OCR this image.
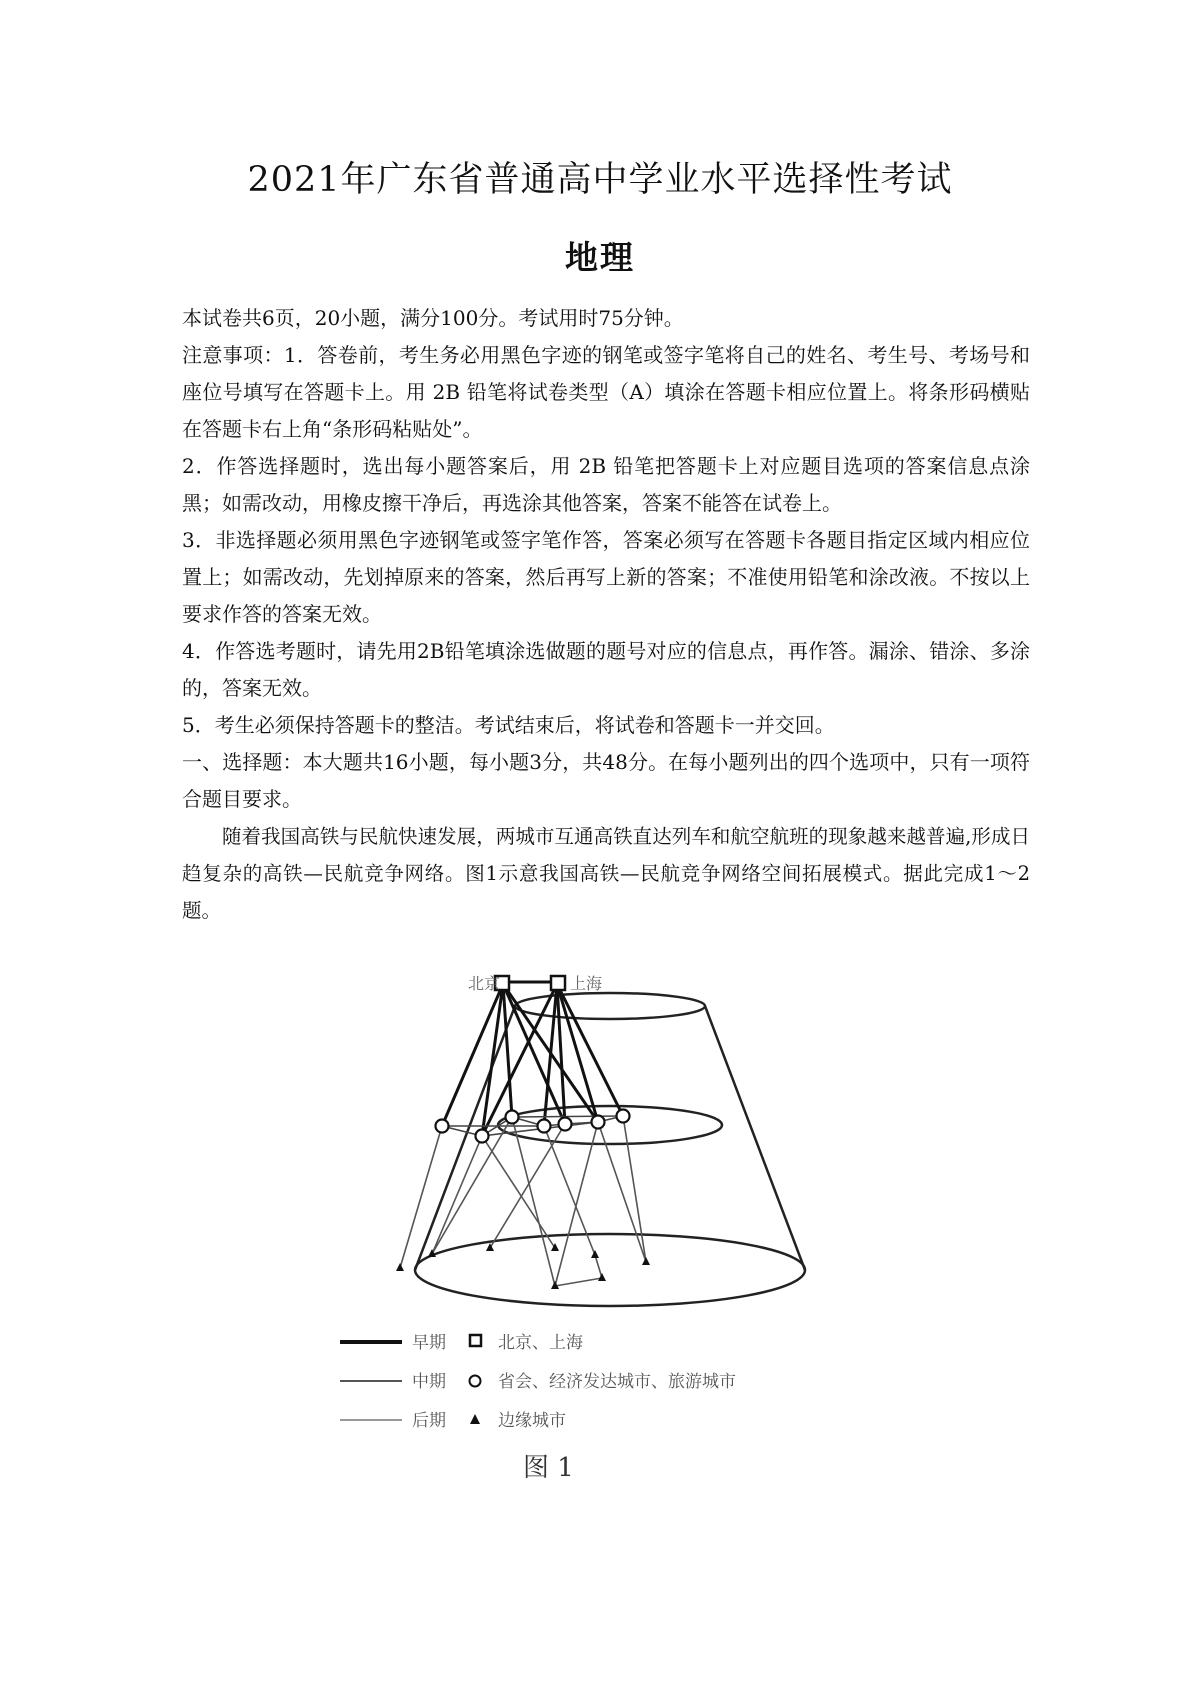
2021年广东省普通高中学业水平选择性考试
地理
本试卷共6页，20小题，满分100分。考试用时75分钟。
注意事项：1．答卷前，考生务必用黑色字迹的钢笔或签字笔将自己的姓名、考生号、考场号和座位号填写在答题卡上。用 2B 铅笔将试卷类型（A）填涂在答题卡相应位置上。将条形码横贴在答题卡右上角“条形码粘贴处”。
2．作答选择题时，选出每小题答案后，用 2B 铅笔把答题卡上对应题目选项的答案信息点涂黑；如需改动，用橡皮擦干净后，再选涂其他答案，答案不能答在试卷上。
3．非选择题必须用黑色字迹钢笔或签字笔作答，答案必须写在答题卡各题目指定区域内相应位置上；如需改动，先划掉原来的答案，然后再写上新的答案；不准使用铅笔和涂改液。不按以上要求作答的答案无效。
4．作答选考题时，请先用2B铅笔填涂选做题的题号对应的信息点，再作答。漏涂、错涂、多涂的，答案无效。
5．考生必须保持答题卡的整洁。考试结束后，将试卷和答题卡一并交回。
一、选择题：本大题共16小题，每小题3分，共48分。在每小题列出的四个选项中，只有一项符合题目要求。
随着我国高铁与民航快速发展，两城市互通高铁直达列车和航空航班的现象越来越普遍,形成日趋复杂的高铁—民航竞争网络。图1示意我国高铁—民航竞争网络空间拓展模式。据此完成1～2题。
北京	上海
早期	北京、上海
中期	省会、经济发达城市、旅游城市
后期	边缘城市
图 1
